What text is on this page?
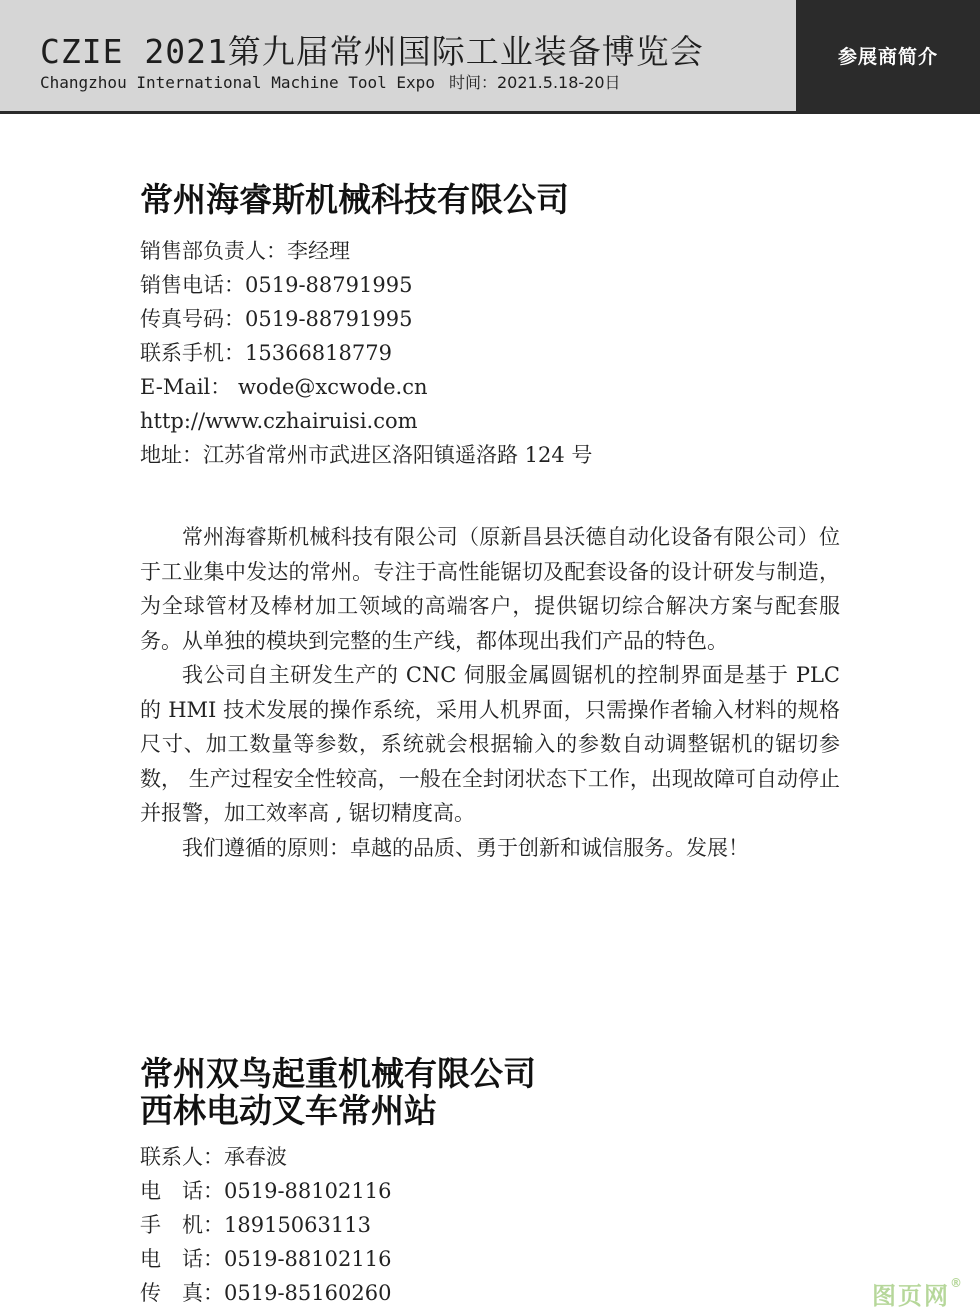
CZIE 2021第九届常州国际工业装备博览会
Changzhou International Machine Tool Expo 时间：2021.5.18-20日
参展商简介
常州海睿斯机械科技有限公司
销售部负责人：李经理
销售电话：0519-88791995
传真号码：0519-88791995
联系手机：15366818779
E-Mail： wode@xcwode.cn
http://www.czhairuisi.com
地址：江苏省常州市武进区洛阳镇遥洛路 124 号

常州海睿斯机械科技有限公司（原新昌县沃德自动化设备有限公司）位于工业集中发达的常州。专注于高性能锯切及配套设备的设计研发与制造，为全球管材及棒材加工领域的高端客户，提供锯切综合解决方案与配套服务。从单独的模块到完整的生产线，都体现出我们产品的特色。

我公司自主研发生产的 CNC 伺服金属圆锯机的控制界面是基于 PLC 的 HMI 技术发展的操作系统，采用人机界面，只需操作者输入材料的规格尺寸、加工数量等参数，系统就会根据输入的参数自动调整锯机的锯切参数， 生产过程安全性较高，一般在全封闭状态下工作，出现故障可自动停止并报警，加工效率高 , 锯切精度高。

我们遵循的原则：卓越的品质、勇于创新和诚信服务。发展！

常州双鸟起重机械有限公司
西林电动叉车常州站
联系人：承春波
电　话：0519-88102116
手　机：18915063113
电　话：0519-88102116
传　真：0519-85160260	图页网®
